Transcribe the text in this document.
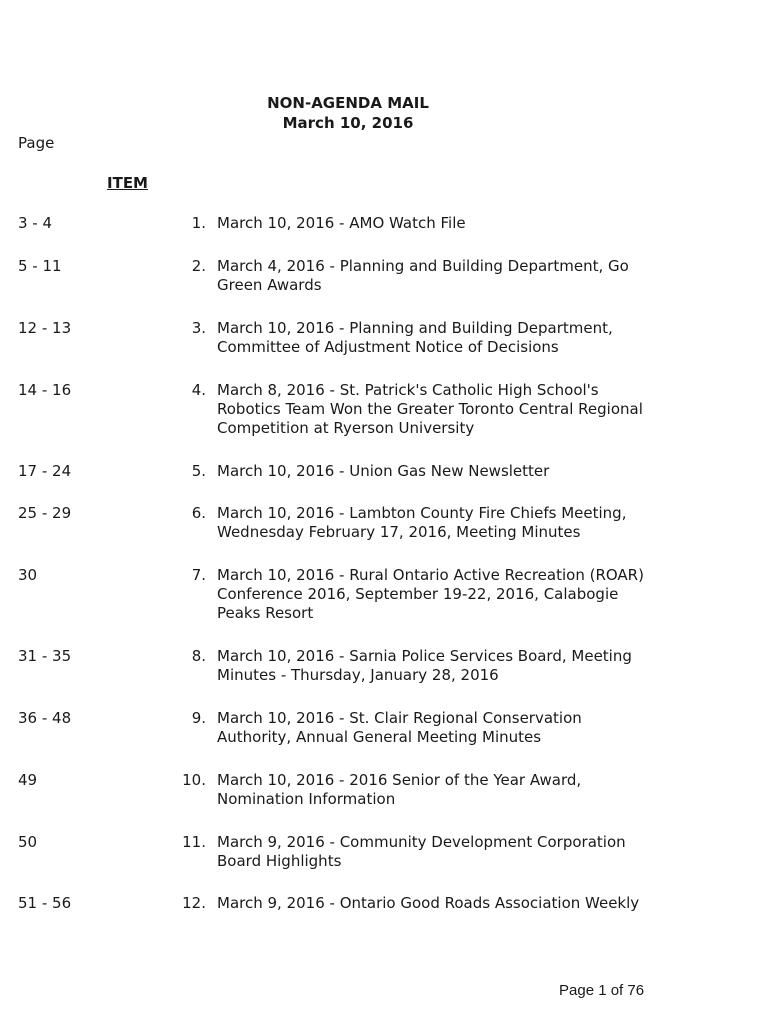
NON-AGENDA MAIL
March 10, 2016
Page
ITEM
3 - 4	1. March 10, 2016 - AMO Watch File
5 - 11	2. March 4, 2016 - Planning and Building Department, Go
Green Awards
12 - 13	3. March 10, 2016 - Planning and Building Department,
Committee of Adjustment Notice of Decisions
14 - 16	4. March 8, 2016 - St. Patrick's Catholic High School's
Robotics Team Won the Greater Toronto Central Regional
Competition at Ryerson University
17 - 24	5. March 10, 2016 - Union Gas New Newsletter
25 - 29	6. March 10, 2016 - Lambton County Fire Chiefs Meeting,
Wednesday February 17, 2016, Meeting Minutes
30	7. March 10, 2016 - Rural Ontario Active Recreation (ROAR)
Conference 2016, September 19-22, 2016, Calabogie
Peaks Resort
31 - 35	8. March 10, 2016 - Sarnia Police Services Board, Meeting
Minutes - Thursday, January 28, 2016
36 - 48	9. March 10, 2016 - St. Clair Regional Conservation
Authority, Annual General Meeting Minutes
49	10. March 10, 2016 - 2016 Senior of the Year Award,
Nomination Information
50	11. March 9, 2016 - Community Development Corporation
Board Highlights
51 - 56	12. March 9, 2016 - Ontario Good Roads Association Weekly
Page 1 of 76
